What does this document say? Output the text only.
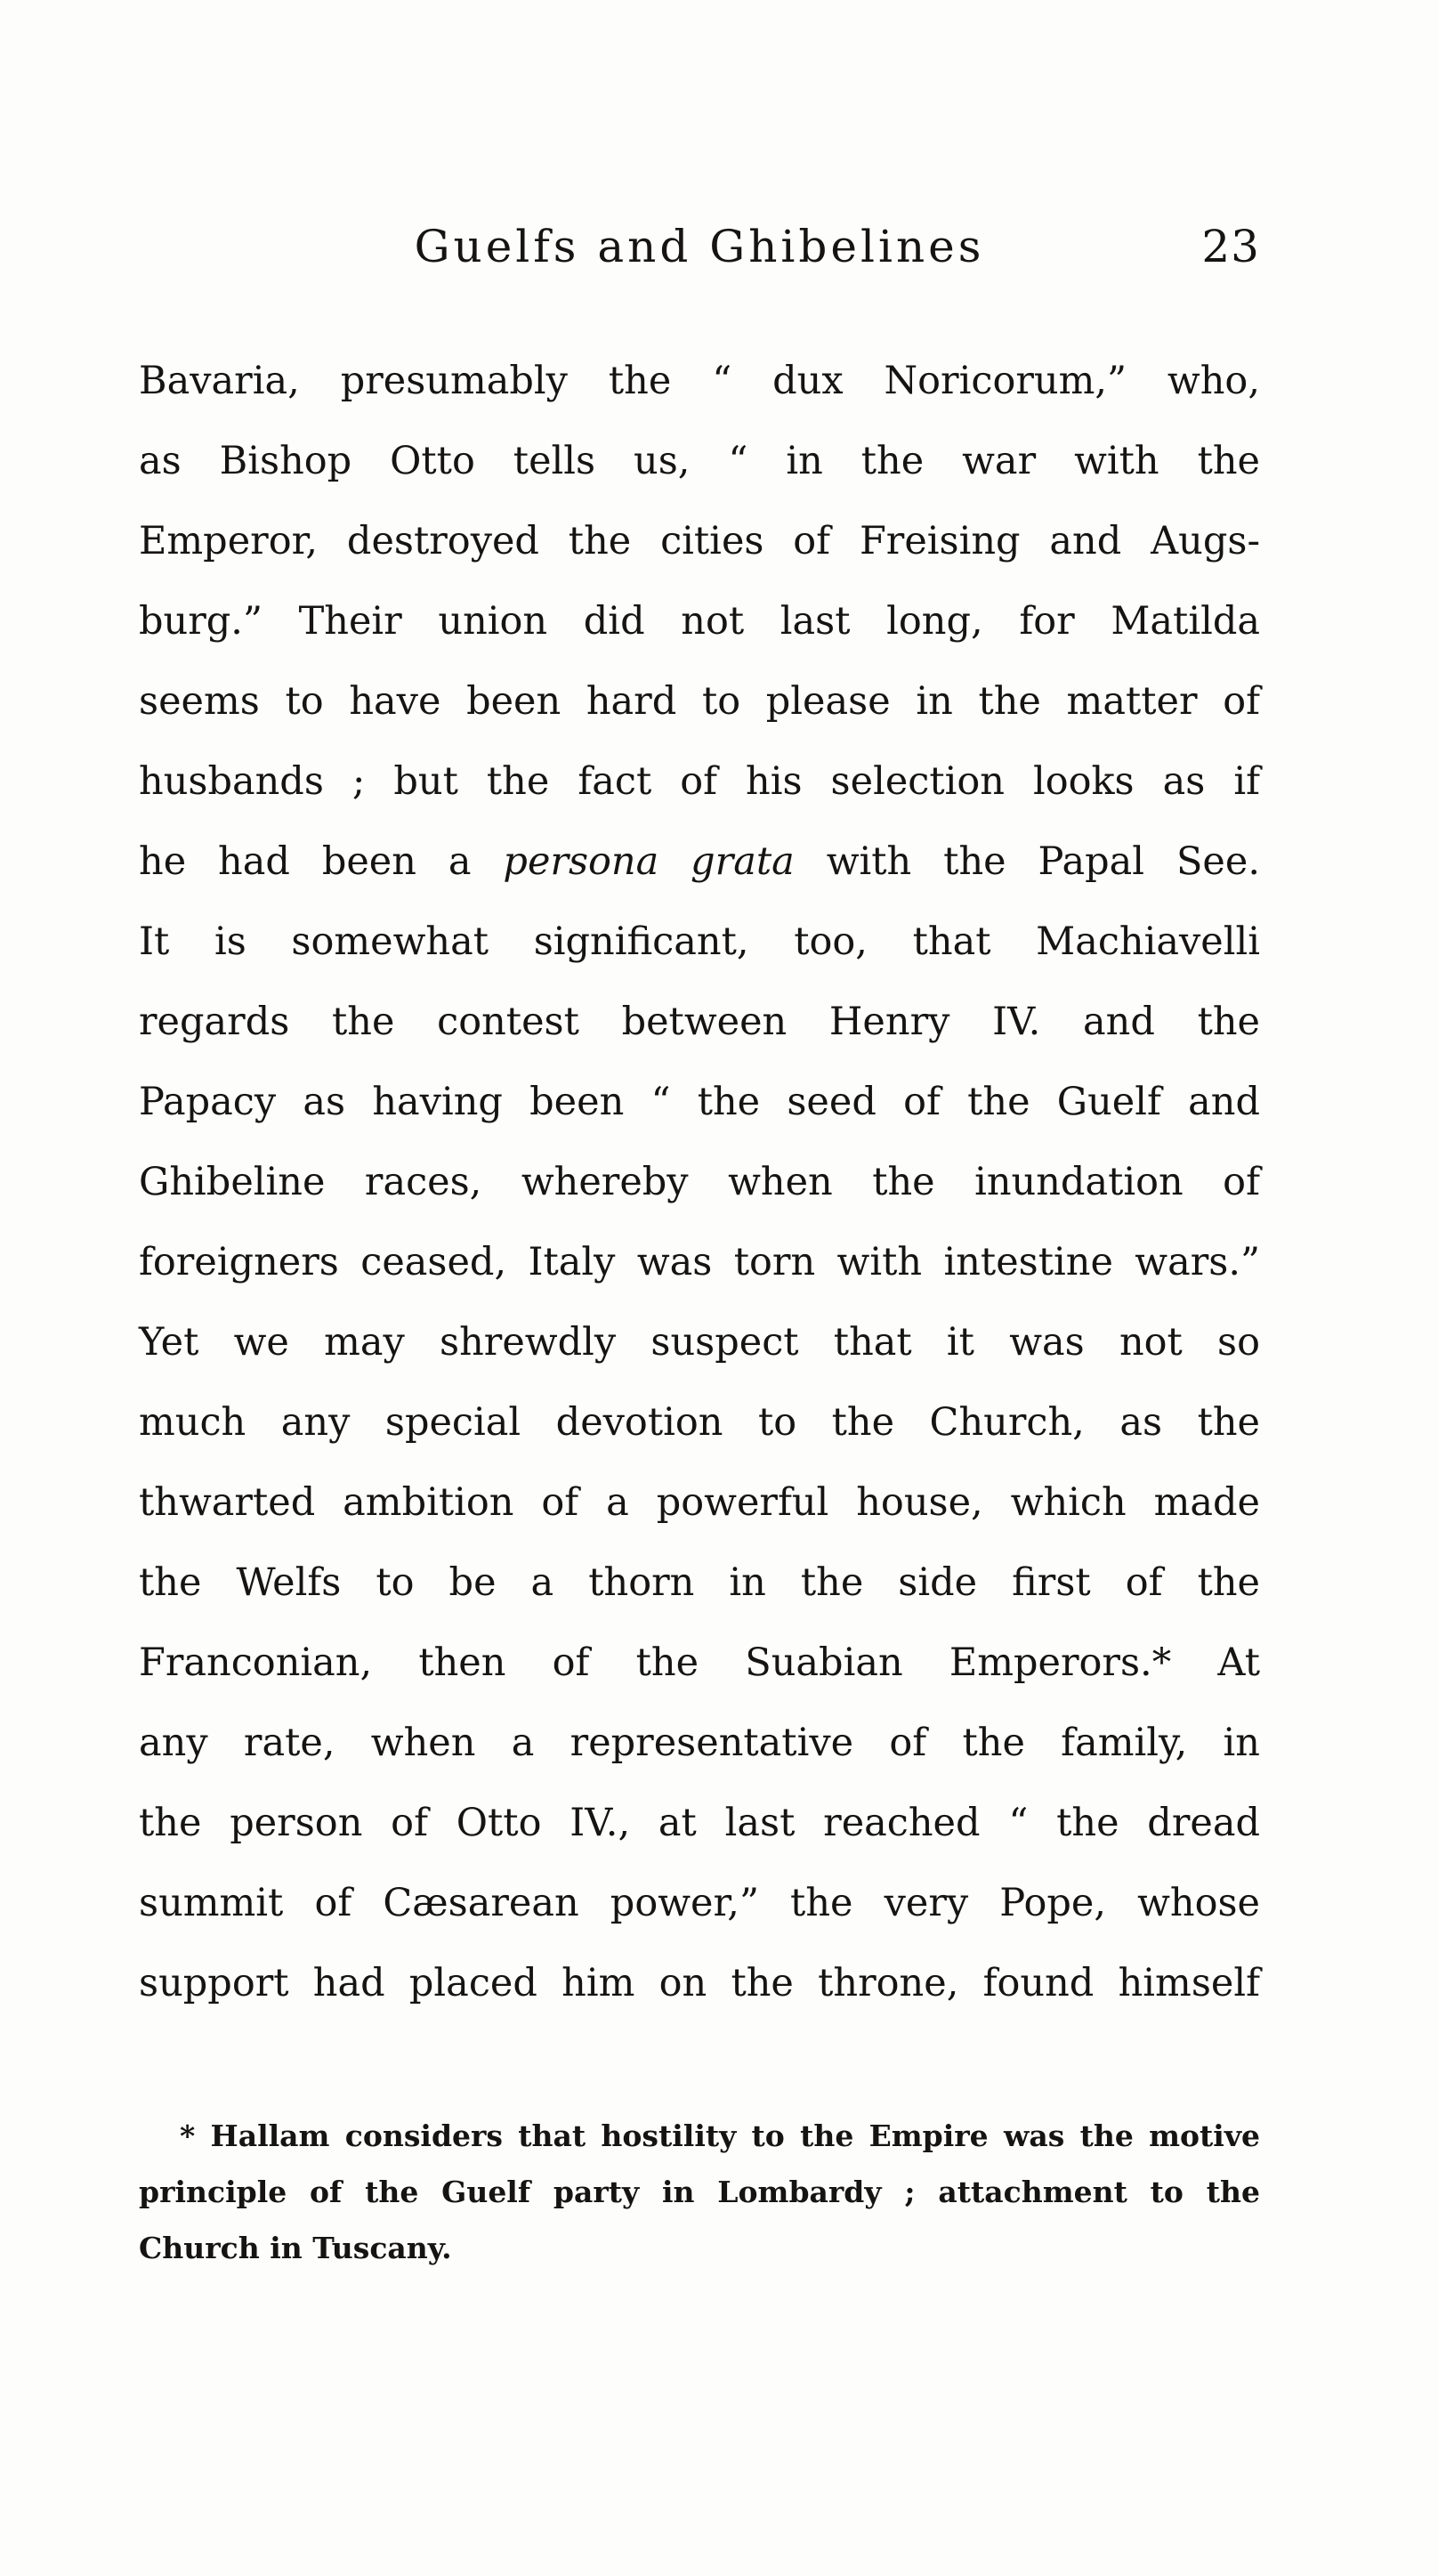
Guelfs and Ghibelines	23
Bavaria, presumably the “ dux Noricorum,” who,
as Bishop Otto tells us, “ in the war with the
Emperor, destroyed the cities of Freising and Augs-
burg.” Their union did not last long, for Matilda
seems to have been hard to please in the matter of
husbands ; but the fact of his selection looks as if
he had been a persona grata with the Papal See.
It is somewhat significant, too, that Machiavelli
regards the contest between Henry IV. and the
Papacy as having been “ the seed of the Guelf and
Ghibeline races, whereby when the inundation of
foreigners ceased, Italy was torn with intestine wars.”
Yet we may shrewdly suspect that it was not so
much any special devotion to the Church, as the
thwarted ambition of a powerful house, which made
the Welfs to be a thorn in the side first of the
Franconian, then of the Suabian Emperors.* At
any rate, when a representative of the family, in
the person of Otto IV., at last reached “ the dread
summit of Cæsarean power,” the very Pope, whose
support had placed him on the throne, found himself
* Hallam considers that hostility to the Empire was the motive
principle of the Guelf party in Lombardy ; attachment to the
Church in Tuscany.
